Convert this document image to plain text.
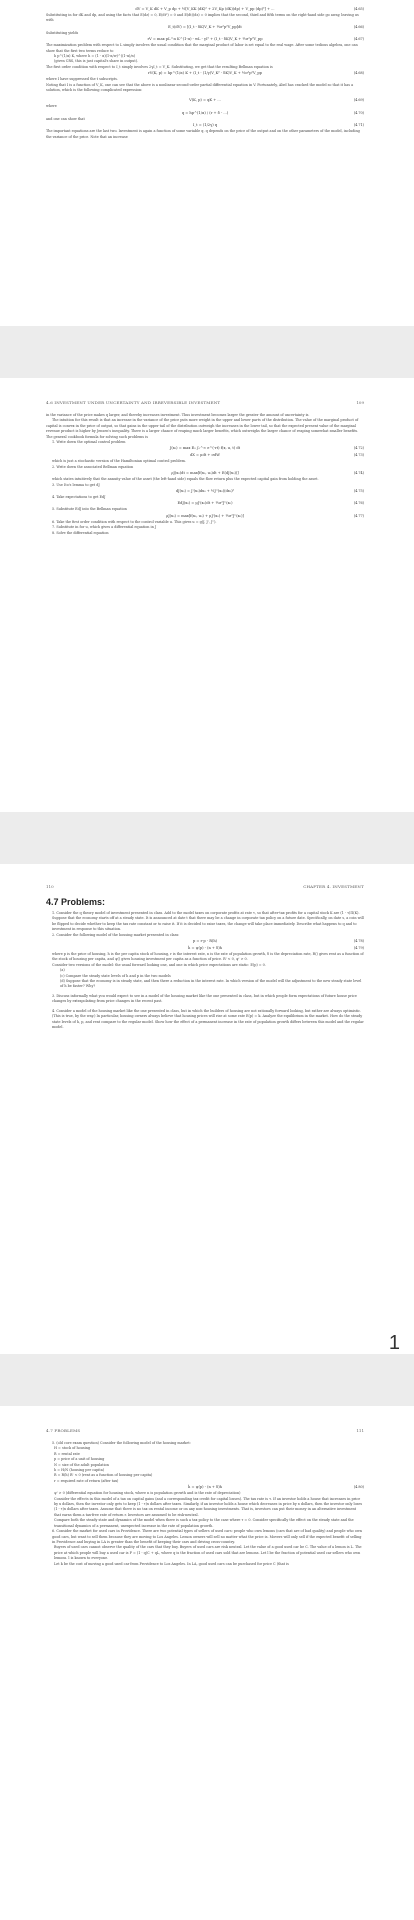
dV = V_K dK + V_p dp + ½[V_KK (dK)² + 2V_Kp (dK)(dp) + V_pp (dp)²] + ...	(4.65)
Substituting in for dK and dp, and using the facts that E(dz) = 0, E(dt²) = 0 and E(dt)(dz) = 0 implies that the second, third and fifth terms on the right-hand side go away, leaving us with
E_t(dV) = [(I_t - δK)V_K + ½σ²p²V_pp]dt	(4.66)
Substituting yields
rV = max pL^α K^(1-α) - wL - γI² + (I_t - δK)V_K + ½σ²p²V_pp	(4.67)
The maximization problem with respect to L simply involves the usual condition that the marginal product of labor is set equal to the real wage. After some tedious algebra, one can show that the first two terms reduce to
h p^(1/α) K, where h = (1 - α)(1-α/w)^((1-α)/α)
(given CRS, this is just capital's share in output).
The first order condition with respect to I_t simply involves 2γI_t = V_K. Substituting, we get that the resulting Bellman equation is
rV(K, p) = hp^(1/α) K + (I_t - (1/γ)V_K² - δK)V_K + ½σ²p²V_pp	(4.68)
where I have suppressed the t subscripts.
Noting that I is a function of V_K, one can see that the above is a nonlinear second-order partial differential equation in V. Fortunately, Abel has cracked the model so that it has a solution, which is the following complicated expression:
V(K, p) = qK + ...	(4.69)
where
q = hp^(1/α) / (r + δ - ...)	(4.70)
and one can show that
I_t = (1/2γ) q	(4.71)
The important equations are the last two. Investment is again a function of some variable q. q depends on the price of the output and on the other parameters of the model, including the variance of the price. Note that an increase
4.6 INVESTMENT UNDER UNCERTAINTY AND IRREVERSIBLE INVESTMENT	109
in the variance of the price makes q larger, and thereby increases investment. Thus investment becomes larger the greater the amount of uncertainty is.
The intuition for this result is that an increase in the variance of the price puts more weight in the upper and lower parts of the distribution. The value of the marginal product of capital is convex in the price of output, so that gains in the upper tail of the distribution outweigh the increases in the lower tail, so that the expected present value of the marginal revenue product is higher by Jensen's inequality. There is a larger chance of reaping much larger benefits, which outweighs the larger chance of reaping somewhat smaller benefits.
The general cookbook formula for solving such problems is
1. Write down the optimal control problem
J(x₀) = max E₀ ∫₀^∞ e^(-rt) f(x, u, t) dt	(4.72)
dX = μdt + σdW	(4.73)
which is just a stochastic version of the Hamiltonian optimal control problem.
2. Write down the associated Bellman equation
ρJ(x₀)dt = max[f(x₀, u₀)dt + E(dJ(x₀))]	(4.74)
which states intuitively that the annuity value of the asset (the left-hand side) equals the flow return plus the expected capital gain from holding the asset.
3. Use Ito's lemma to get dJ
dJ(x₀) = J'(x₀)dx₀ + ½J''(x₀)(dx₀)²	(4.75)
4. Take expectations to get EdJ
EdJ(x₀) = μJ'(x₀)dt + ½σ²J''(x₀)	(4.76)
5. Substitute EdJ into the Bellman equation
ρJ(x₀) = max[f(x₀, u₀) + μJ'(x₀) + ½σ²J''(x₀)]	(4.77)
6. Take the first order condition with respect to the control variable u. This gives u = g(J, J', J'').
7. Substitute in for u, which gives a differential equation in J
8. Solve the differential equation
110	CHAPTER 4. INVESTMENT
4.7 Problems:
1. Consider the q theory model of investment presented in class. Add to the model taxes on corporate profits at rate τ, so that after-tax profits for a capital stock K are (1 - τ)Π(K). Suppose that the economy starts off at a steady state. It is announced at date t that there may be a change in corporate tax policy on a future date. Specifically, on date s, a coin will be flipped to decide whether to keep the tax rate constant or to raise it. If it is decided to raise taxes, the change will take place immediately. Describe what happens to q and to investment in response to this situation.
2. Consider the following model of the housing market presented in class:
p = r·p - R(h)	(4.78)
ḣ = ψ(p) - (n + δ)h	(4.79)
where p is the price of housing, h is the per capita stock of housing, r is the interest rate, n is the rate of population growth, δ is the depreciation rate, R() gives rent as a function of the stock of housing per capita, and ψ() gives housing investment per capita as a function of price. R' < 0, ψ' > 0.
Consider two versions of the model: the usual forward looking one, and one in which price expectations are static: E(p) = 0.
(a)
(c) Compare the steady state levels of h and p in the two models
(d) Suppose that the economy is in steady state, and then there a reduction in the interest rate. In which version of the model will the adjustment to the new steady state level of h be faster? Why?
3. Discuss informally what you would expect to see in a model of the housing market like the one presented in class, but in which people form expectations of future house price changes by extrapolating from price changes in the recent past.
4. Consider a model of the housing market like the one presented in class, but in which the builders of housing are not rationally forward looking, but rather are always optimistic. (This is true, by the way.) In particular, housing owners always believe that housing prices will rise at some rate E(p) = k. Analyze the equilibrium in the market. How do the steady state levels of h, p, and rent compare to the regular model. Show how the effect of a permanent increase in the rate of population growth differs between this model and the regular model.
1
4.7 PROBLEMS	111
5. (old core exam question) Consider the following model of the housing market:
H = stock of housing
R = rental rate
p = price of a unit of housing
N = size of the adult population
h = H/N (housing per capita)
R = R(h) R' < 0 (rent as a function of housing per capita)
r = required rate of return (after tax)
ḣ = ψ(p) - (n + δ)h	(4.80)
ψ' > 0 (differential equation for housing stock, where n is population growth and is the rate of depreciation)
Consider the effects in this model of a tax on capital gains (and a corresponding tax credit for capital losses). The tax rate is τ. If an investor holds a house that increases in price by x dollars, then the investor only gets to keep (1 - τ)x dollars after taxes. Similarly, if an investor holds a house which decreases in price by x dollars, then the investor only loses (1 - τ)x dollars after taxes. Assume that there is no tax on rental income or on any non-housing investments. That is, investors can put their money in an alternative investment that earns them a tax-free rate of return r. Investors are assumed to be risk-neutral.
Compare both the steady state and dynamics of the model when there is such a tax policy to the case where τ = 0. Consider specifically the effect on the steady state and the transitional dynamics of a permanent, unexpected increase in the rate of population growth.
6. Consider the market for used cars in Providence. There are two potential types of sellers of used cars: people who own lemons (cars that are of bad quality) and people who own good cars, but want to sell them because they are moving to Los Angeles. Lemon owners will sell no matter what the price is. Movers will only sell if the expected benefit of selling in Providence and buying in LA is greater than the benefit of keeping their cars and driving cross-country.
Buyers of used cars cannot observe the quality of the cars that they buy. Buyers of used cars are risk neutral. Let the value of a good used car be C. The value of a lemon is L. The price at which people will buy a used car is P = (1 - q)C + qL, where q is the fraction of used cars sold that are lemons. Let l be the fraction of potential used car sellers who own lemons. l is known to everyone.
Let k be the cost of moving a good used car from Providence to Los Angeles. In LA, good used cars can be purchased for price C (that is
